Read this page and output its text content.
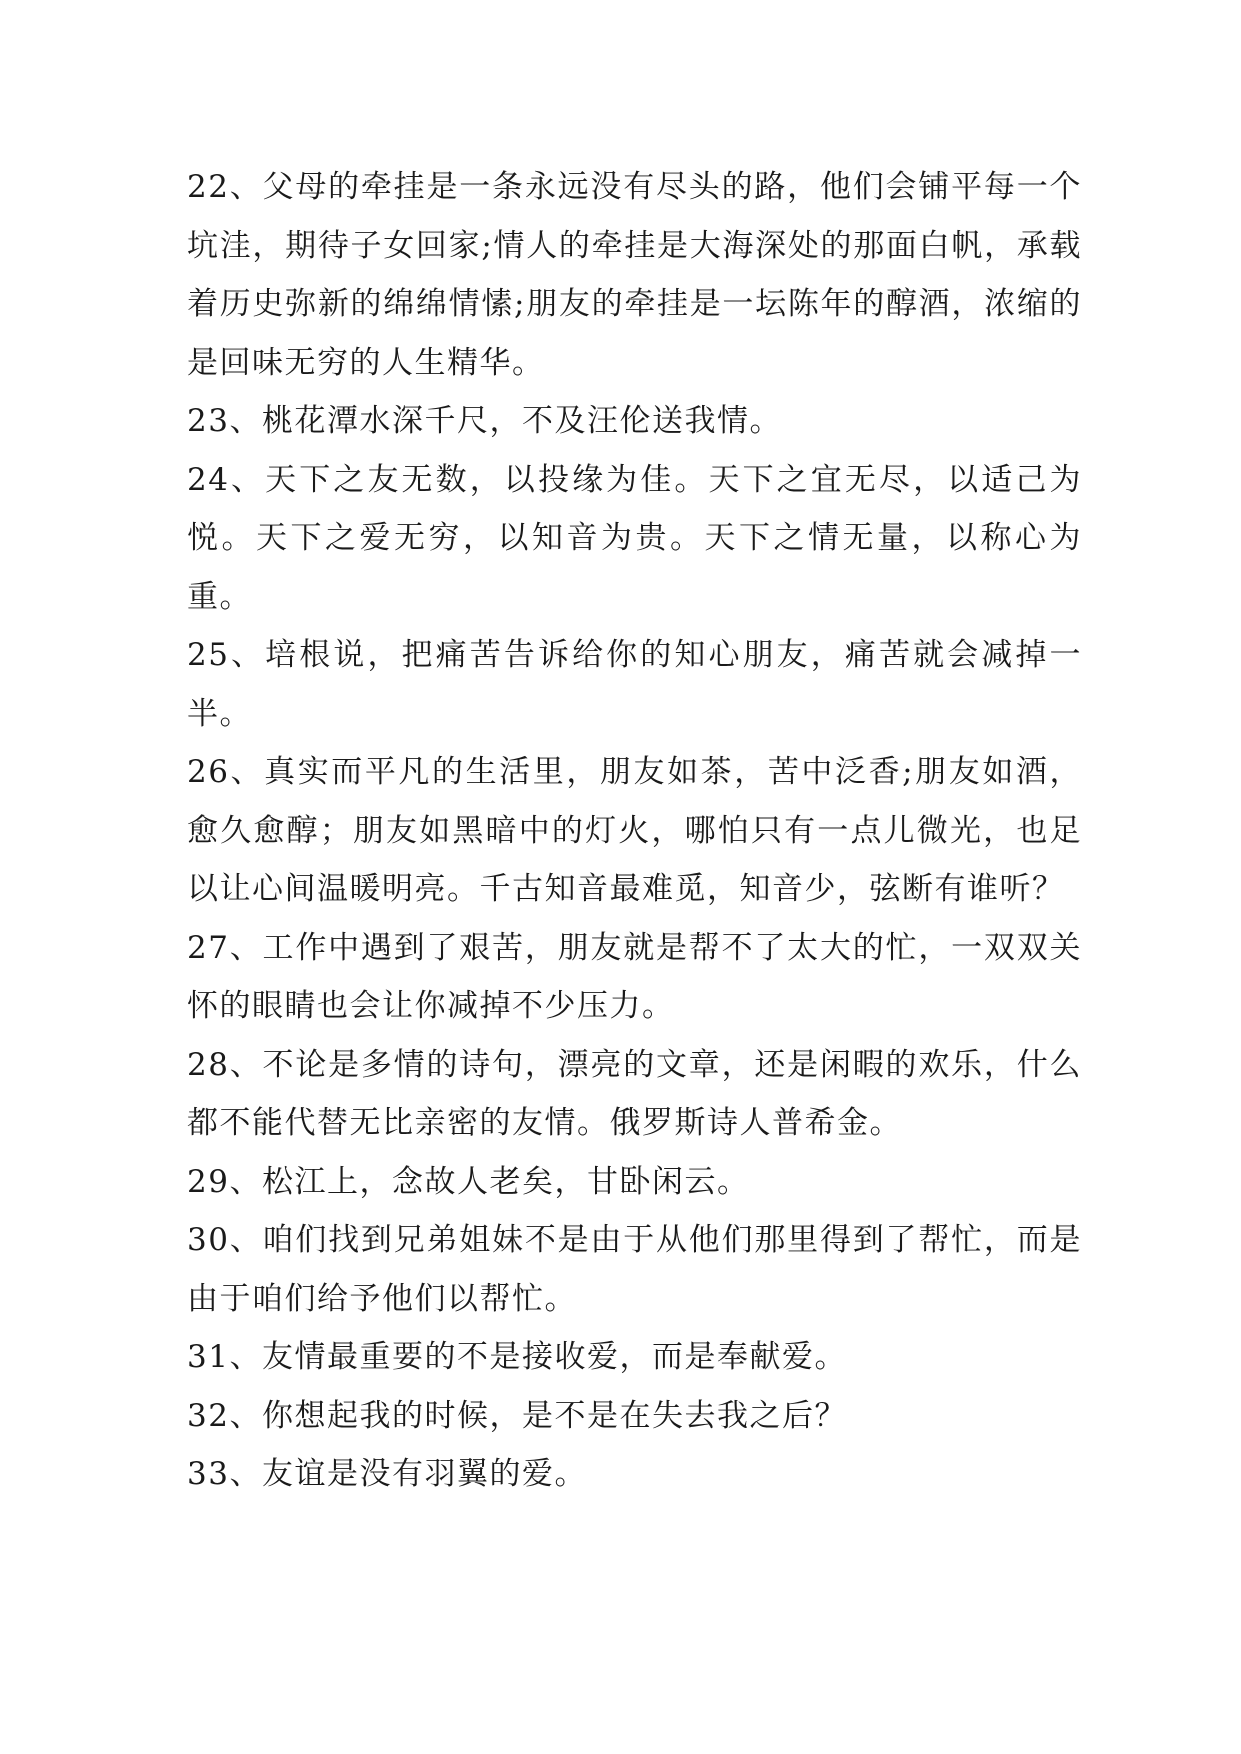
22、父母的牵挂是一条永远没有尽头的路，他们会铺平每一个坑洼，期待子女回家;情人的牵挂是大海深处的那面白帆，承载着历史弥新的绵绵情愫;朋友的牵挂是一坛陈年的醇酒，浓缩的是回味无穷的人生精华。

23、桃花潭水深千尺，不及汪伦送我情。

24、天下之友无数，以投缘为佳。天下之宜无尽，以适己为悦。天下之爱无穷，以知音为贵。天下之情无量，以称心为重。

25、培根说，把痛苦告诉给你的知心朋友，痛苦就会减掉一半。

26、真实而平凡的生活里，朋友如茶，苦中泛香;朋友如酒，愈久愈醇；朋友如黑暗中的灯火，哪怕只有一点儿微光，也足以让心间温暖明亮。千古知音最难觅，知音少，弦断有谁听？

27、工作中遇到了艰苦，朋友就是帮不了太大的忙，一双双关怀的眼睛也会让你减掉不少压力。

28、不论是多情的诗句，漂亮的文章，还是闲暇的欢乐，什么都不能代替无比亲密的友情。俄罗斯诗人普希金。

29、松江上，念故人老矣，甘卧闲云。

30、咱们找到兄弟姐妹不是由于从他们那里得到了帮忙，而是由于咱们给予他们以帮忙。

31、友情最重要的不是接收爱，而是奉献爱。

32、你想起我的时候，是不是在失去我之后？

33、友谊是没有羽翼的爱。
